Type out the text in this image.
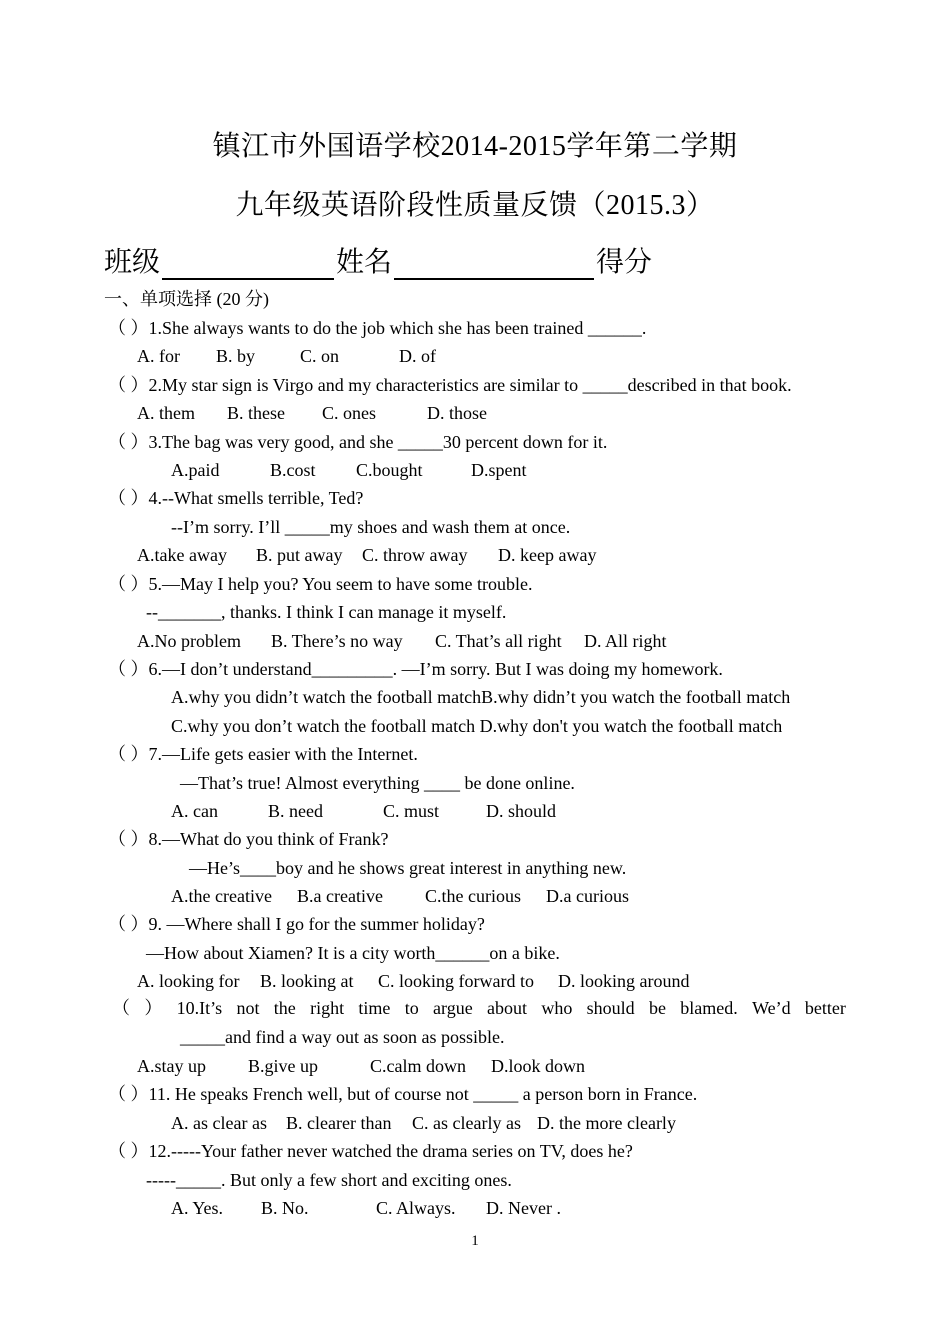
镇江市外国语学校2014-2015学年第二学期
九年级英语阶段性质量反馈（2015.3）
班级	姓名	得分
一、单项选择 (20 分)
（ ）1.She always wants to do the job which she has been trained ______.
A. for B. by C. on	D. of
（ ）2.My star sign is Virgo and my characteristics are similar to _____described in that book.
A. them B. these C. ones	D. those
（ ）3.The bag was very good, and she _____30 percent down for it.
A.paid	B.cost C.bought	D.spent
（ ）4.--What smells terrible, Ted?
--I’m sorry. I’ll _____my shoes and wash them at once.
A.take away B. put away C. throw away D. keep away
（ ）5.—May I help you? You seem to have some trouble.
--_______, thanks. I think I can manage it myself.
A.No problem B. There’s no way C. That’s all right D. All right
（ ）6.—I don’t understand_________. —I’m sorry. But I was doing my homework.
A.why you didn’t watch the football matchB.why didn’t you watch the football match
C.why you don’t watch the football match D.why don't you watch the football match
（ ）7.—Life gets easier with the Internet.
—That’s true! Almost everything ____ be done online.
A. can	B. need	C. must	D. should
（ ）8.—What do you think of Frank?
—He’s____boy and he shows great interest in anything new.
A.the creative B.a creative C.the curious D.a curious
（ ）9. —Where shall I go for the summer holiday?
—How about Xiamen? It is a city worth______on a bike.
A. looking for B. looking at C. looking forward to D. looking around
（ ） 10.It’s not the right time to argue about who should be blamed. We’d better
_____and find a way out as soon as possible.
A.stay up B.give up	C.calm down D.look down
（ ）11. He speaks French well, but of course not _____ a person born in France.
A. as clear as B. clearer than C. as clearly as D. the more clearly
（ ）12.-----Your father never watched the drama series on TV, does he?
-----_____. But only a few short and exciting ones.
A. Yes. B. No.	C. Always. D. Never .
1
